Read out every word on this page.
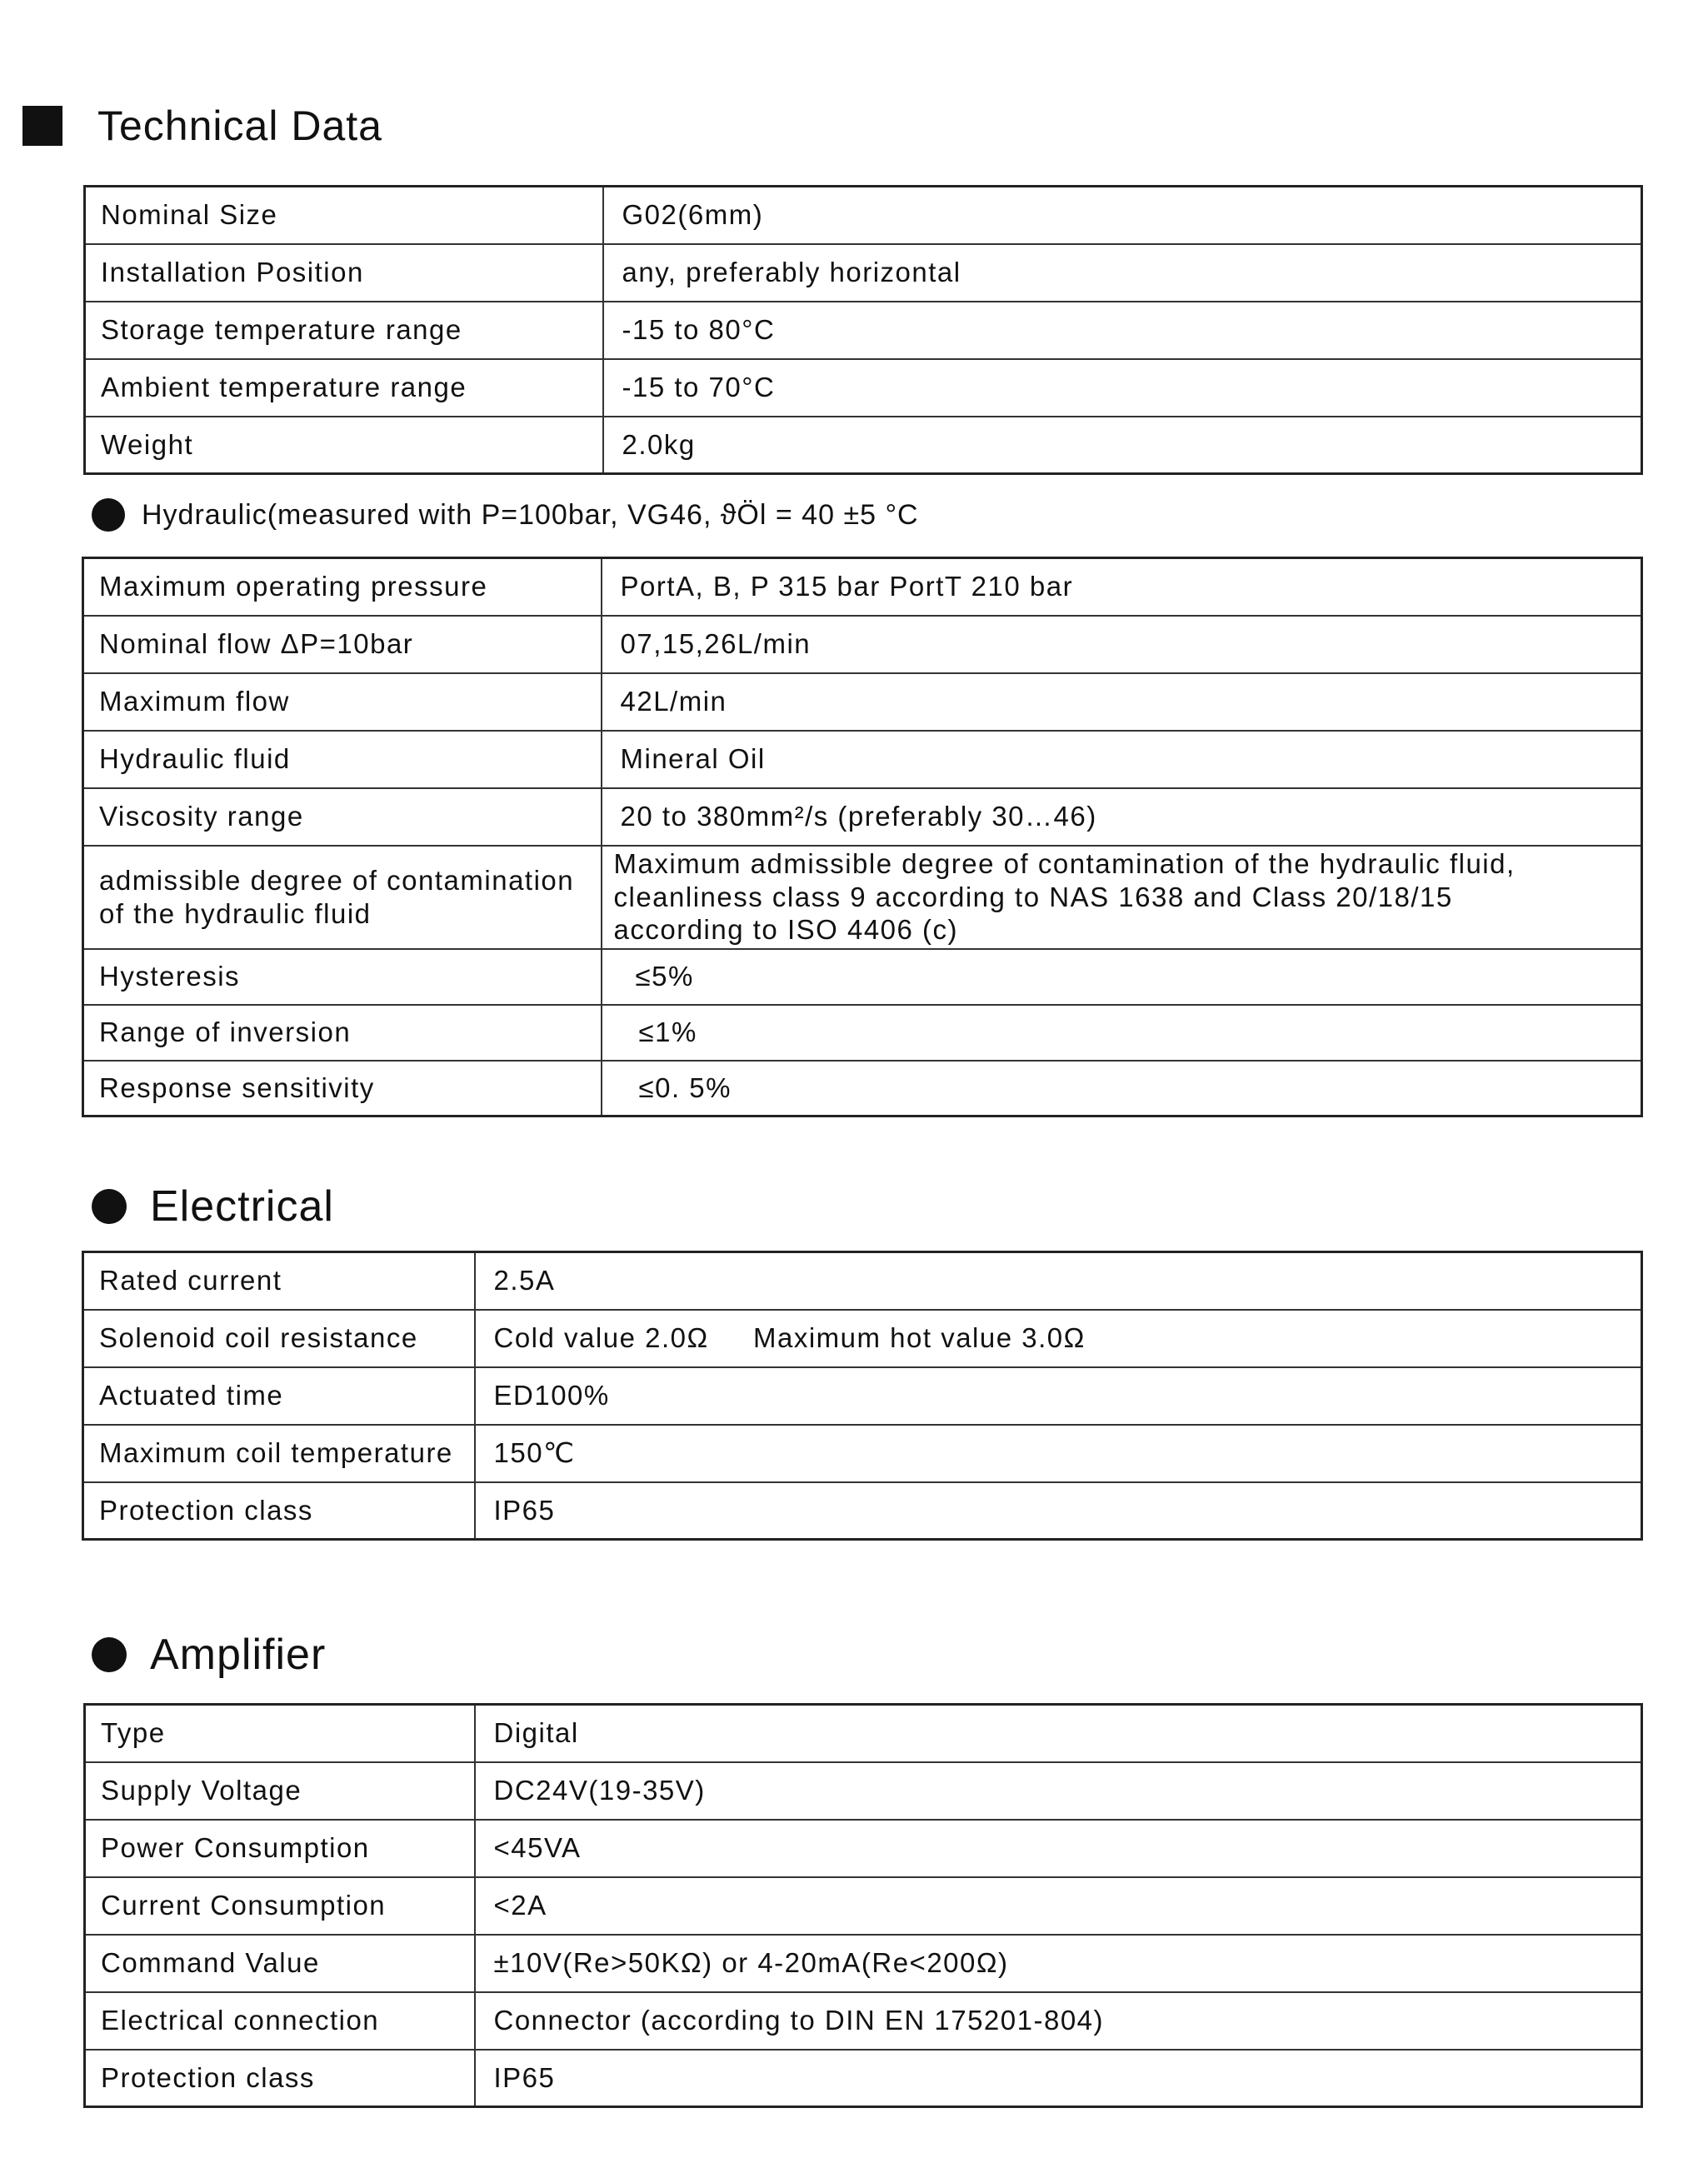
Technical Data
Nominal Size	G02(6mm)
Installation Position	any, preferably horizontal
Storage temperature range	-15 to 80°C
Ambient temperature range	-15 to 70°C
Weight	2.0kg
Hydraulic(measured with P=100bar, VG46, ϑÖl = 40 ±5 °C
Maximum operating pressure	PortA, B, P 315 bar PortT 210 bar
Nominal flow ΔP=10bar	07,15,26L/min
Maximum flow	42L/min
Hydraulic fluid	Mineral Oil
Viscosity range	20 to 380mm²/s (preferably 30…46)
admissible degree of contamination of the hydraulic fluid	Maximum admissible degree of contamination of the hydraulic fluid, cleanliness class 9 according to NAS 1638 and Class 20/18/15 according to ISO 4406 (c)
Hysteresis	≤5%
Range of inversion	≤1%
Response sensitivity	≤0. 5%
Electrical
Rated current	2.5A
Solenoid coil resistance	Cold value 2.0Ω     Maximum hot value 3.0Ω
Actuated time	ED100%
Maximum coil temperature	150℃
Protection class	IP65
Amplifier
Type	Digital
Supply Voltage	DC24V(19-35V)
Power Consumption	<45VA
Current Consumption	<2A
Command Value	±10V(Re>50KΩ) or 4-20mA(Re<200Ω)
Electrical connection	Connector (according to DIN EN 175201-804)
Protection class	IP65
